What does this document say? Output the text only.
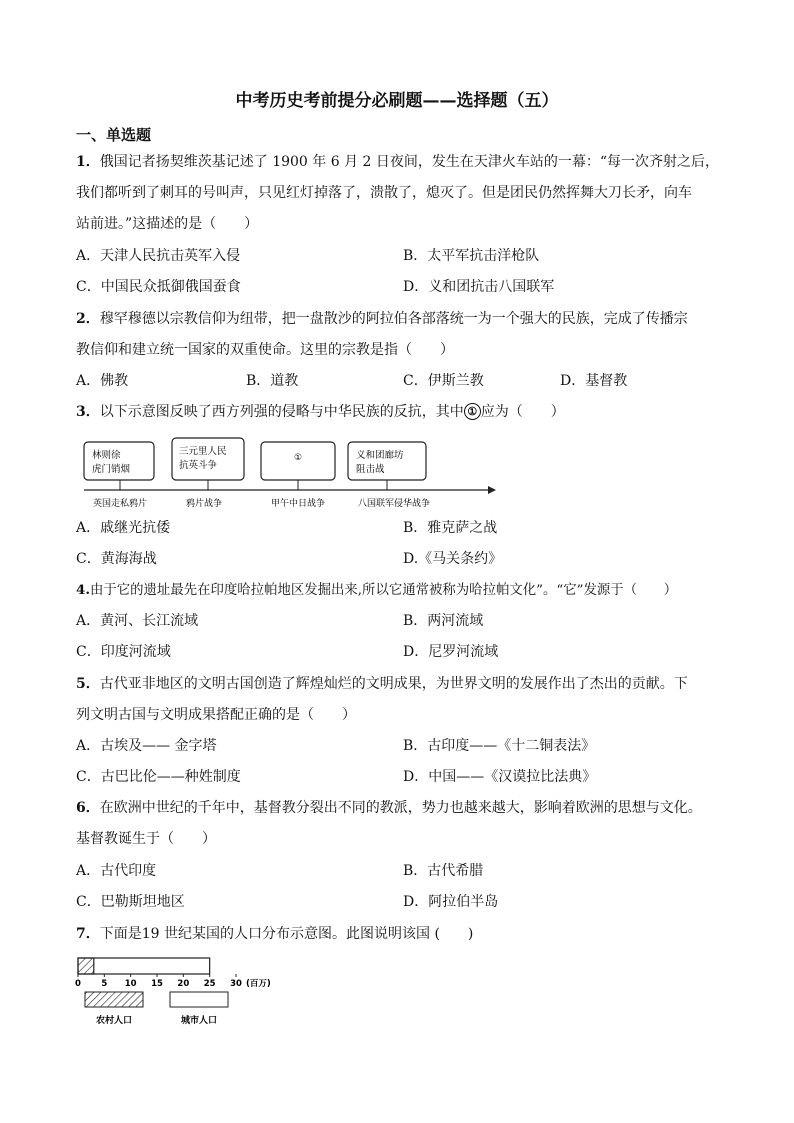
中考历史考前提分必刷题——选择题（五）
一、单选题
1．俄国记者扬契维茨基记述了 1900 年 6 月 2 日夜间，发生在天津火车站的一幕：“每一次齐射之后，
我们都听到了刺耳的号叫声，只见红灯掉落了，溃散了，熄灭了。但是团民仍然挥舞大刀长矛，向车
站前进。”这描述的是（　　）
A．天津人民抗击英军入侵	B．太平军抗击洋枪队
C．中国民众抵御俄国蚕食	D．义和团抗击八国联军
2．穆罕穆德以宗教信仰为纽带，把一盘散沙的阿拉伯各部落统一为一个强大的民族，完成了传播宗
教信仰和建立统一国家的双重使命。这里的宗教是指（　　）
A．佛教	B．道教	C．伊斯兰教	D．基督教
3．以下示意图反映了西方列强的侵略与中华民族的反抗，其中 ① 应为（　　）
林则徐
虎门销烟
三元里人民
抗英斗争
①	义和团廊坊
阻击战
英国走私鸦片	鸦片战争	甲午中日战争	八国联军侵华战争
A．戚继光抗倭	B．雅克萨之战
C．黄海海战	D.《马关条约》
4.由于它的遗址最先在印度哈拉帕地区发掘出来,所以它通常被称为哈拉帕文化”。“它”发源于（　　）
A．黄河、长江流域	B．两河流域
C．印度河流域	D．尼罗河流域
5．古代亚非地区的文明古国创造了辉煌灿烂的文明成果，为世界文明的发展作出了杰出的贡献。下
列文明古国与文明成果搭配正确的是（　　）
A．古埃及—— 金字塔	B．古印度——《十二铜表法》
C．古巴比伦——种姓制度	D．中国——《汉谟拉比法典》
6．在欧洲中世纪的千年中，基督教分裂出不同的教派，势力也越来越大，影响着欧洲的思想与文化。
基督教诞生于（　　）
A．古代印度	B．古代希腊
C．巴勒斯坦地区	D．阿拉伯半岛
7．下面是19 世纪某国的人口分布示意图。此图说明该国 (　　)
0 5 10 15 20 25 30 (百万)
农村人口	城市人口
